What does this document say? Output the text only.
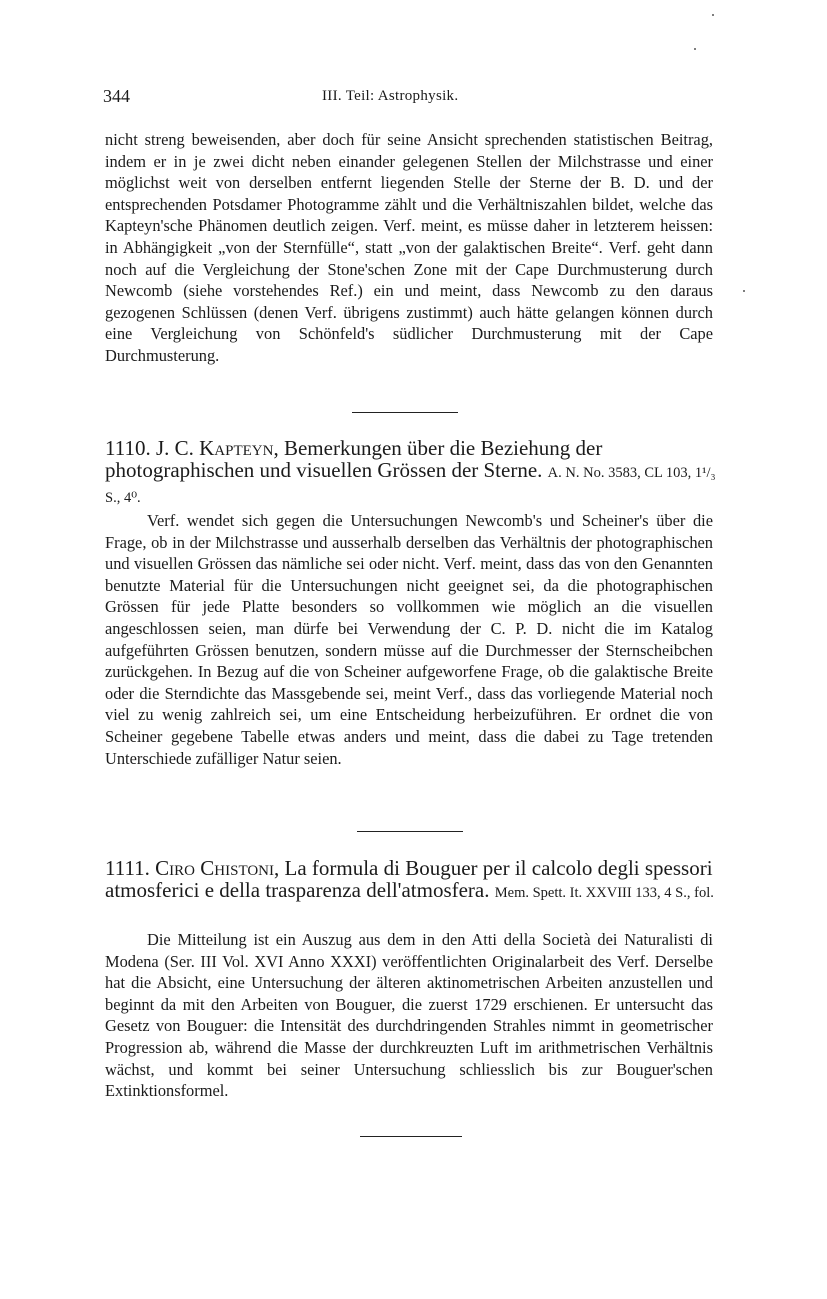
344	III. Teil: Astrophysik.

nicht streng beweisenden, aber doch für seine Ansicht sprechenden statistischen Beitrag, indem er in je zwei dicht neben einander gelegenen Stellen der Milchstrasse und einer möglichst weit von derselben entfernt liegenden Stelle der Sterne der B. D. und der entsprechenden Potsdamer Photogramme zählt und die Verhältniszahlen bildet, welche das Kapteyn'sche Phänomen deutlich zeigen. Verf. meint, es müsse daher in letzterem heissen: in Abhängigkeit „von der Sternfülle“, statt „von der galaktischen Breite“. Verf. geht dann noch auf die Vergleichung der Stone'schen Zone mit der Cape Durchmusterung durch Newcomb (siehe vorstehendes Ref.) ein und meint, dass Newcomb zu den daraus gezogenen Schlüssen (denen Verf. übrigens zustimmt) auch hätte gelangen können durch eine Vergleichung von Schönfeld's südlicher Durchmusterung mit der Cape Durchmusterung.

1110. J. C. Kapteyn, Bemerkungen über die Beziehung der photographischen und visuellen Grössen der Sterne. A. N. No. 3583, CL 103, 1¹/₃ S., 4⁰.

Verf. wendet sich gegen die Untersuchungen Newcomb's und Scheiner's über die Frage, ob in der Milchstrasse und ausserhalb derselben das Verhältnis der photographischen und visuellen Grössen das nämliche sei oder nicht. Verf. meint, dass das von den Genannten benutzte Material für die Untersuchungen nicht geeignet sei, da die photographischen Grössen für jede Platte besonders so vollkommen wie möglich an die visuellen angeschlossen seien, man dürfe bei Verwendung der C. P. D. nicht die im Katalog aufgeführten Grössen benutzen, sondern müsse auf die Durchmesser der Sternscheibchen zurückgehen. In Bezug auf die von Scheiner aufgeworfene Frage, ob die galaktische Breite oder die Sterndichte das Massgebende sei, meint Verf., dass das vorliegende Material noch viel zu wenig zahlreich sei, um eine Entscheidung herbeizuführen. Er ordnet die von Scheiner gegebene Tabelle etwas anders und meint, dass die dabei zu Tage tretenden Unterschiede zufälliger Natur seien.

1111. Ciro Chistoni, La formula di Bouguer per il calcolo degli spessori atmosferici e della trasparenza dell'atmosfera. Mem. Spett. It. XXVIII 133, 4 S., fol.

Die Mitteilung ist ein Auszug aus dem in den Atti della Società dei Naturalisti di Modena (Ser. III Vol. XVI Anno XXXI) veröffentlichten Originalarbeit des Verf. Derselbe hat die Absicht, eine Untersuchung der älteren aktinometrischen Arbeiten anzustellen und beginnt da mit den Arbeiten von Bouguer, die zuerst 1729 erschienen. Er untersucht das Gesetz von Bouguer: die Intensität des durchdringenden Strahles nimmt in geometrischer Progression ab, während die Masse der durchkreuzten Luft im arithmetrischen Verhältnis wächst, und kommt bei seiner Untersuchung schliesslich bis zur Bouguer'schen Extinktionsformel.
